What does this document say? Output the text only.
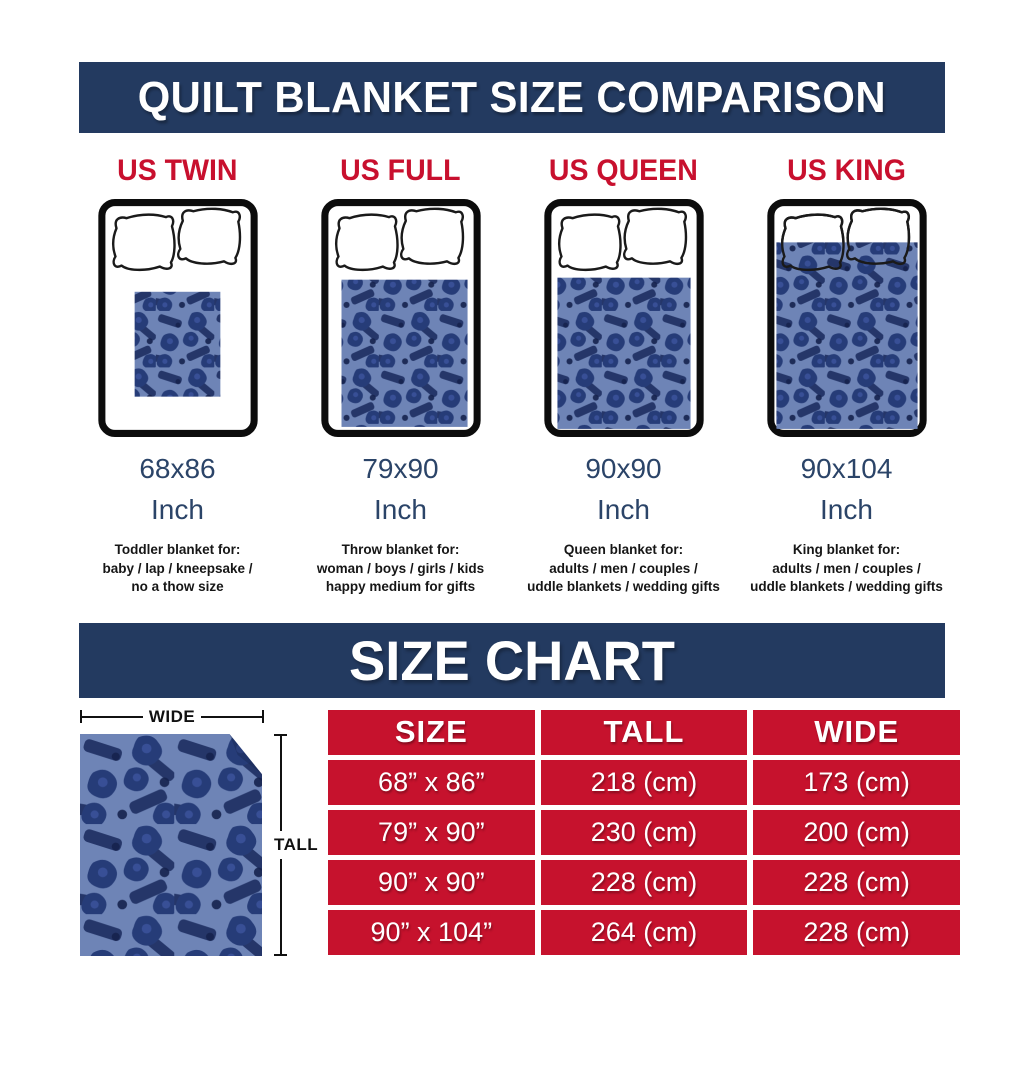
QUILT BLANKET SIZE COMPARISON
US TWIN
68x86
Inch

Toddler blanket for:
baby / lap / kneepsake /
no a thow size

US FULL
79x90
Inch

Throw blanket for:
woman / boys / girls / kids
happy medium for gifts

US QUEEN
90x90
Inch

Queen blanket for:
adults / men / couples /
uddle blankets / wedding gifts

US KING
90x104
Inch

King blanket for:
adults / men / couples /
uddle blankets / wedding gifts

SIZE CHART
WIDE
TALL
SIZE	TALL	WIDE
68” x 86”	218 (cm)	173 (cm)
79” x 90”	230 (cm)	200 (cm)
90” x 90”	228 (cm)	228 (cm)
90” x 104”	264 (cm)	228 (cm)
